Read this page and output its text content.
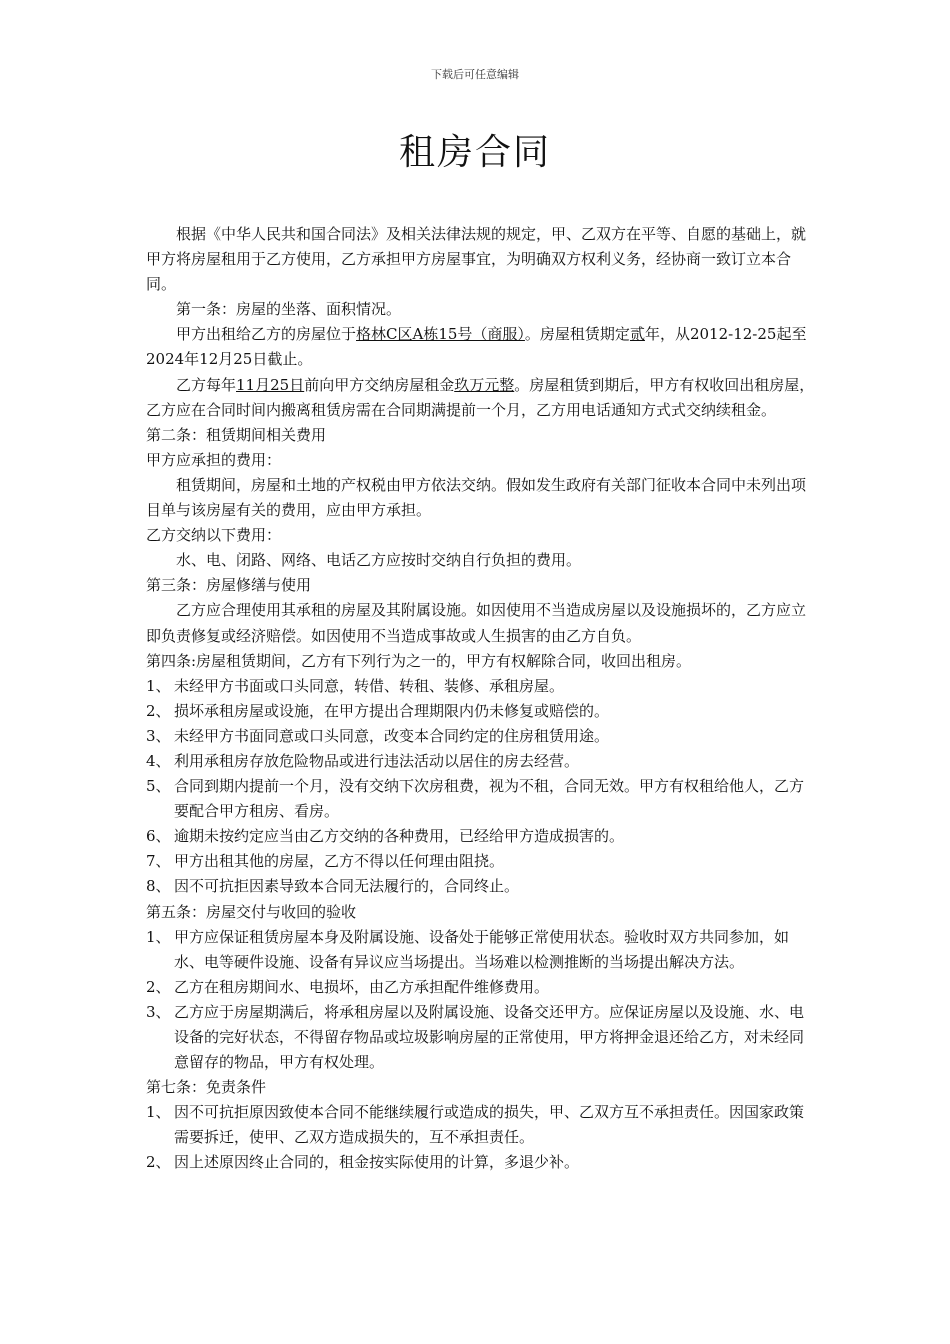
下载后可任意编辑
租房合同

根据《中华人民共和国合同法》及相关法律法规的规定，甲、乙双方在平等、自愿的基础上，就甲方将房屋租用于乙方使用，乙方承担甲方房屋事宜，为明确双方权利义务，经协商一致订立本合同。

第一条：房屋的坐落、面积情况。

甲方出租给乙方的房屋位于格林C区A栋15号（商服）。房屋租赁期定贰年，从2012-12-25起至2024年12月25日截止。

乙方每年11月25日前向甲方交纳房屋租金玖万元整。房屋租赁到期后，甲方有权收回出租房屋，乙方应在合同时间内搬离租赁房需在合同期满提前一个月，乙方用电话通知方式式交纳续租金。

第二条：租赁期间相关费用

甲方应承担的费用：

租赁期间，房屋和土地的产权税由甲方依法交纳。假如发生政府有关部门征收本合同中未列出项目单与该房屋有关的费用，应由甲方承担。

乙方交纳以下费用：

水、电、闭路、网络、电话乙方应按时交纳自行负担的费用。

第三条：房屋修缮与使用

乙方应合理使用其承租的房屋及其附属设施。如因使用不当造成房屋以及设施损坏的，乙方应立即负责修复或经济赔偿。如因使用不当造成事故或人生损害的由乙方自负。

第四条:房屋租赁期间，乙方有下列行为之一的，甲方有权解除合同，收回出租房。

1、 未经甲方书面或口头同意，转借、转租、装修、承租房屋。
2、 损坏承租房屋或设施，在甲方提出合理期限内仍未修复或赔偿的。
3、 未经甲方书面同意或口头同意，改变本合同约定的住房租赁用途。
4、 利用承租房存放危险物品或进行违法活动以居住的房去经营。
5、 合同到期内提前一个月，没有交纳下次房租费，视为不租，合同无效。甲方有权租给他人，乙方要配合甲方租房、看房。
6、 逾期未按约定应当由乙方交纳的各种费用，已经给甲方造成损害的。
7、 甲方出租其他的房屋，乙方不得以任何理由阻挠。
8、 因不可抗拒因素导致本合同无法履行的，合同终止。

第五条：房屋交付与收回的验收

1、 甲方应保证租赁房屋本身及附属设施、设备处于能够正常使用状态。验收时双方共同参加，如水、电等硬件设施、设备有异议应当场提出。当场难以检测推断的当场提出解决方法。
2、 乙方在租房期间水、电损坏，由乙方承担配件维修费用。
3、 乙方应于房屋期满后，将承租房屋以及附属设施、设备交还甲方。应保证房屋以及设施、水、电设备的完好状态，不得留存物品或垃圾影响房屋的正常使用，甲方将押金退还给乙方，对未经同意留存的物品，甲方有权处理。

第七条：免责条件

1、 因不可抗拒原因致使本合同不能继续履行或造成的损失，甲、乙双方互不承担责任。因国家政策需要拆迁，使甲、乙双方造成损失的，互不承担责任。
2、 因上述原因终止合同的，租金按实际使用的计算，多退少补。
